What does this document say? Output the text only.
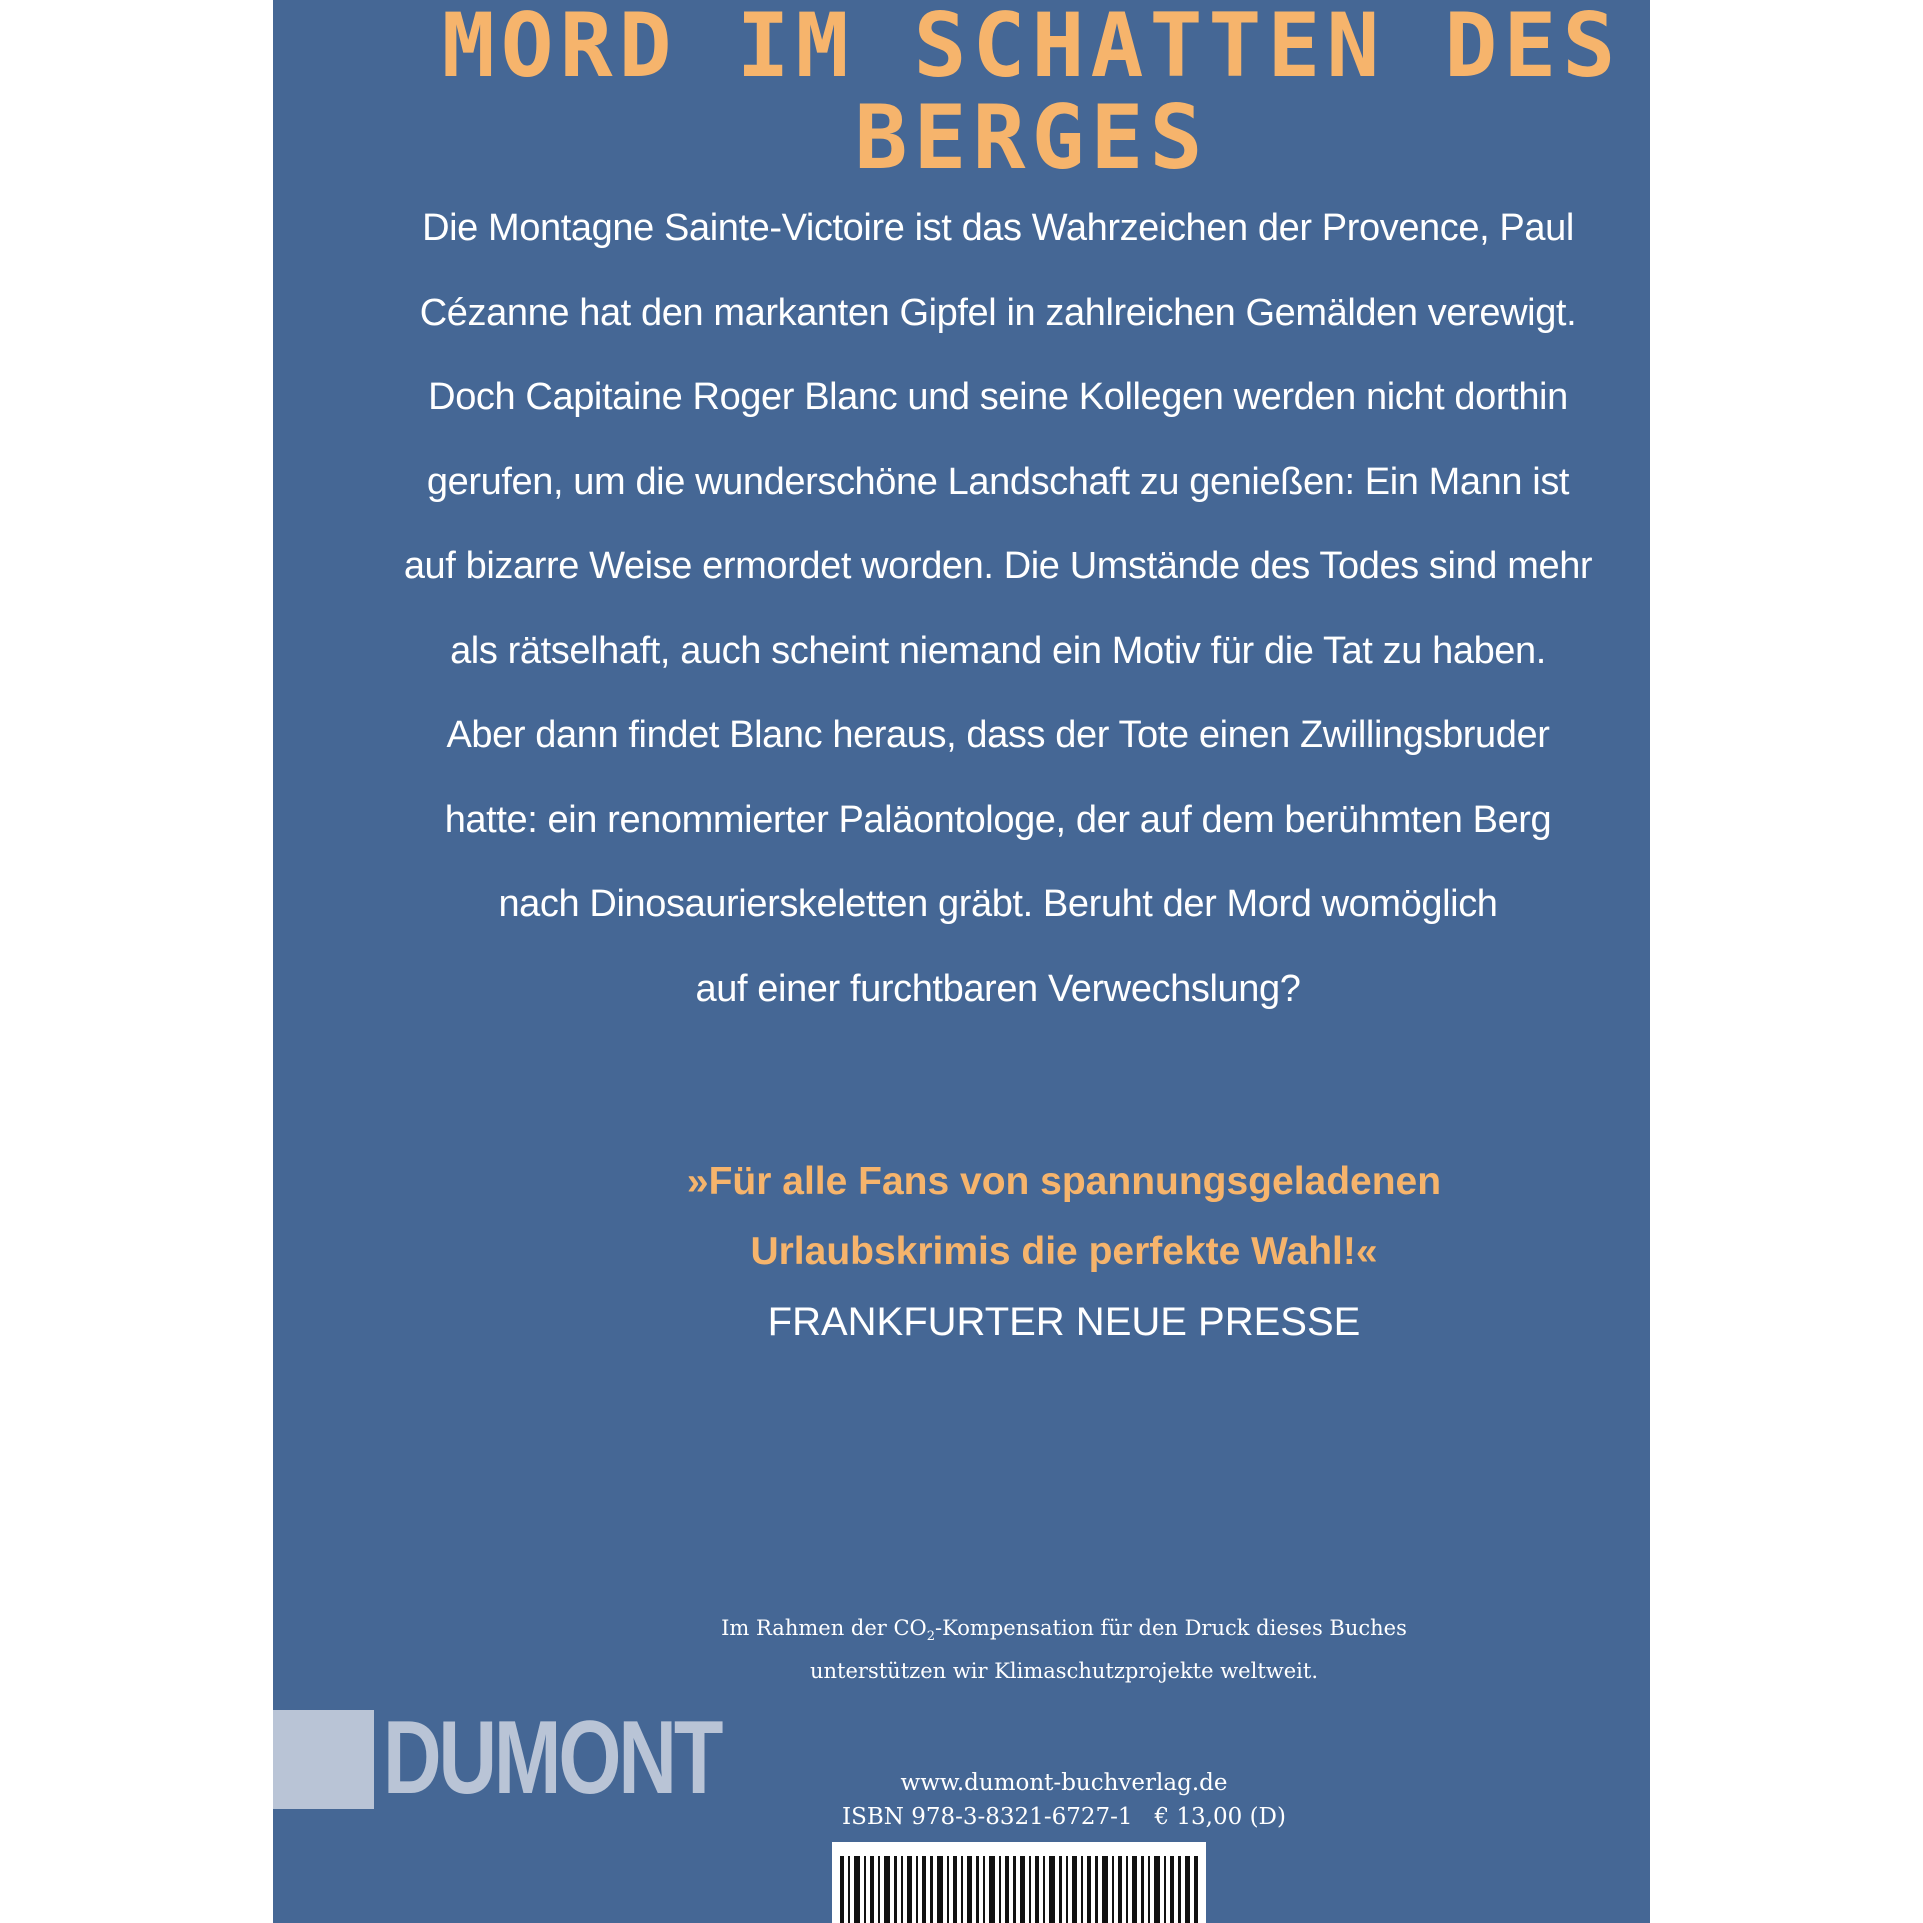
MORD IM SCHATTEN DES BERGES
Die Montagne Sainte-Victoire ist das Wahrzeichen der Provence, Paul
Cézanne hat den markanten Gipfel in zahlreichen Gemälden verewigt.
Doch Capitaine Roger Blanc und seine Kollegen werden nicht dorthin
gerufen, um die wunderschöne Landschaft zu genießen: Ein Mann ist
auf bizarre Weise ermordet worden. Die Umstände des Todes sind mehr
als rätselhaft, auch scheint niemand ein Motiv für die Tat zu haben.
Aber dann findet Blanc heraus, dass der Tote einen Zwillingsbruder
hatte: ein renommierter Paläontologe, der auf dem berühmten Berg
nach Dinosaurierskeletten gräbt. Beruht der Mord womöglich
auf einer furchtbaren Verwechslung?
»Für alle Fans von spannungsgeladenen
Urlaubskrimis die perfekte Wahl!«
FRANKFURTER NEUE PRESSE
Im Rahmen der $CO_2$-Kompensation für den Druck dieses Buches
unterstützen wir Klimaschutzprojekte weltweit.
DUMONT	www.dumont-buchverlag.de
ISBN 978-3-8321-6727-1   € 13,00 (D)
